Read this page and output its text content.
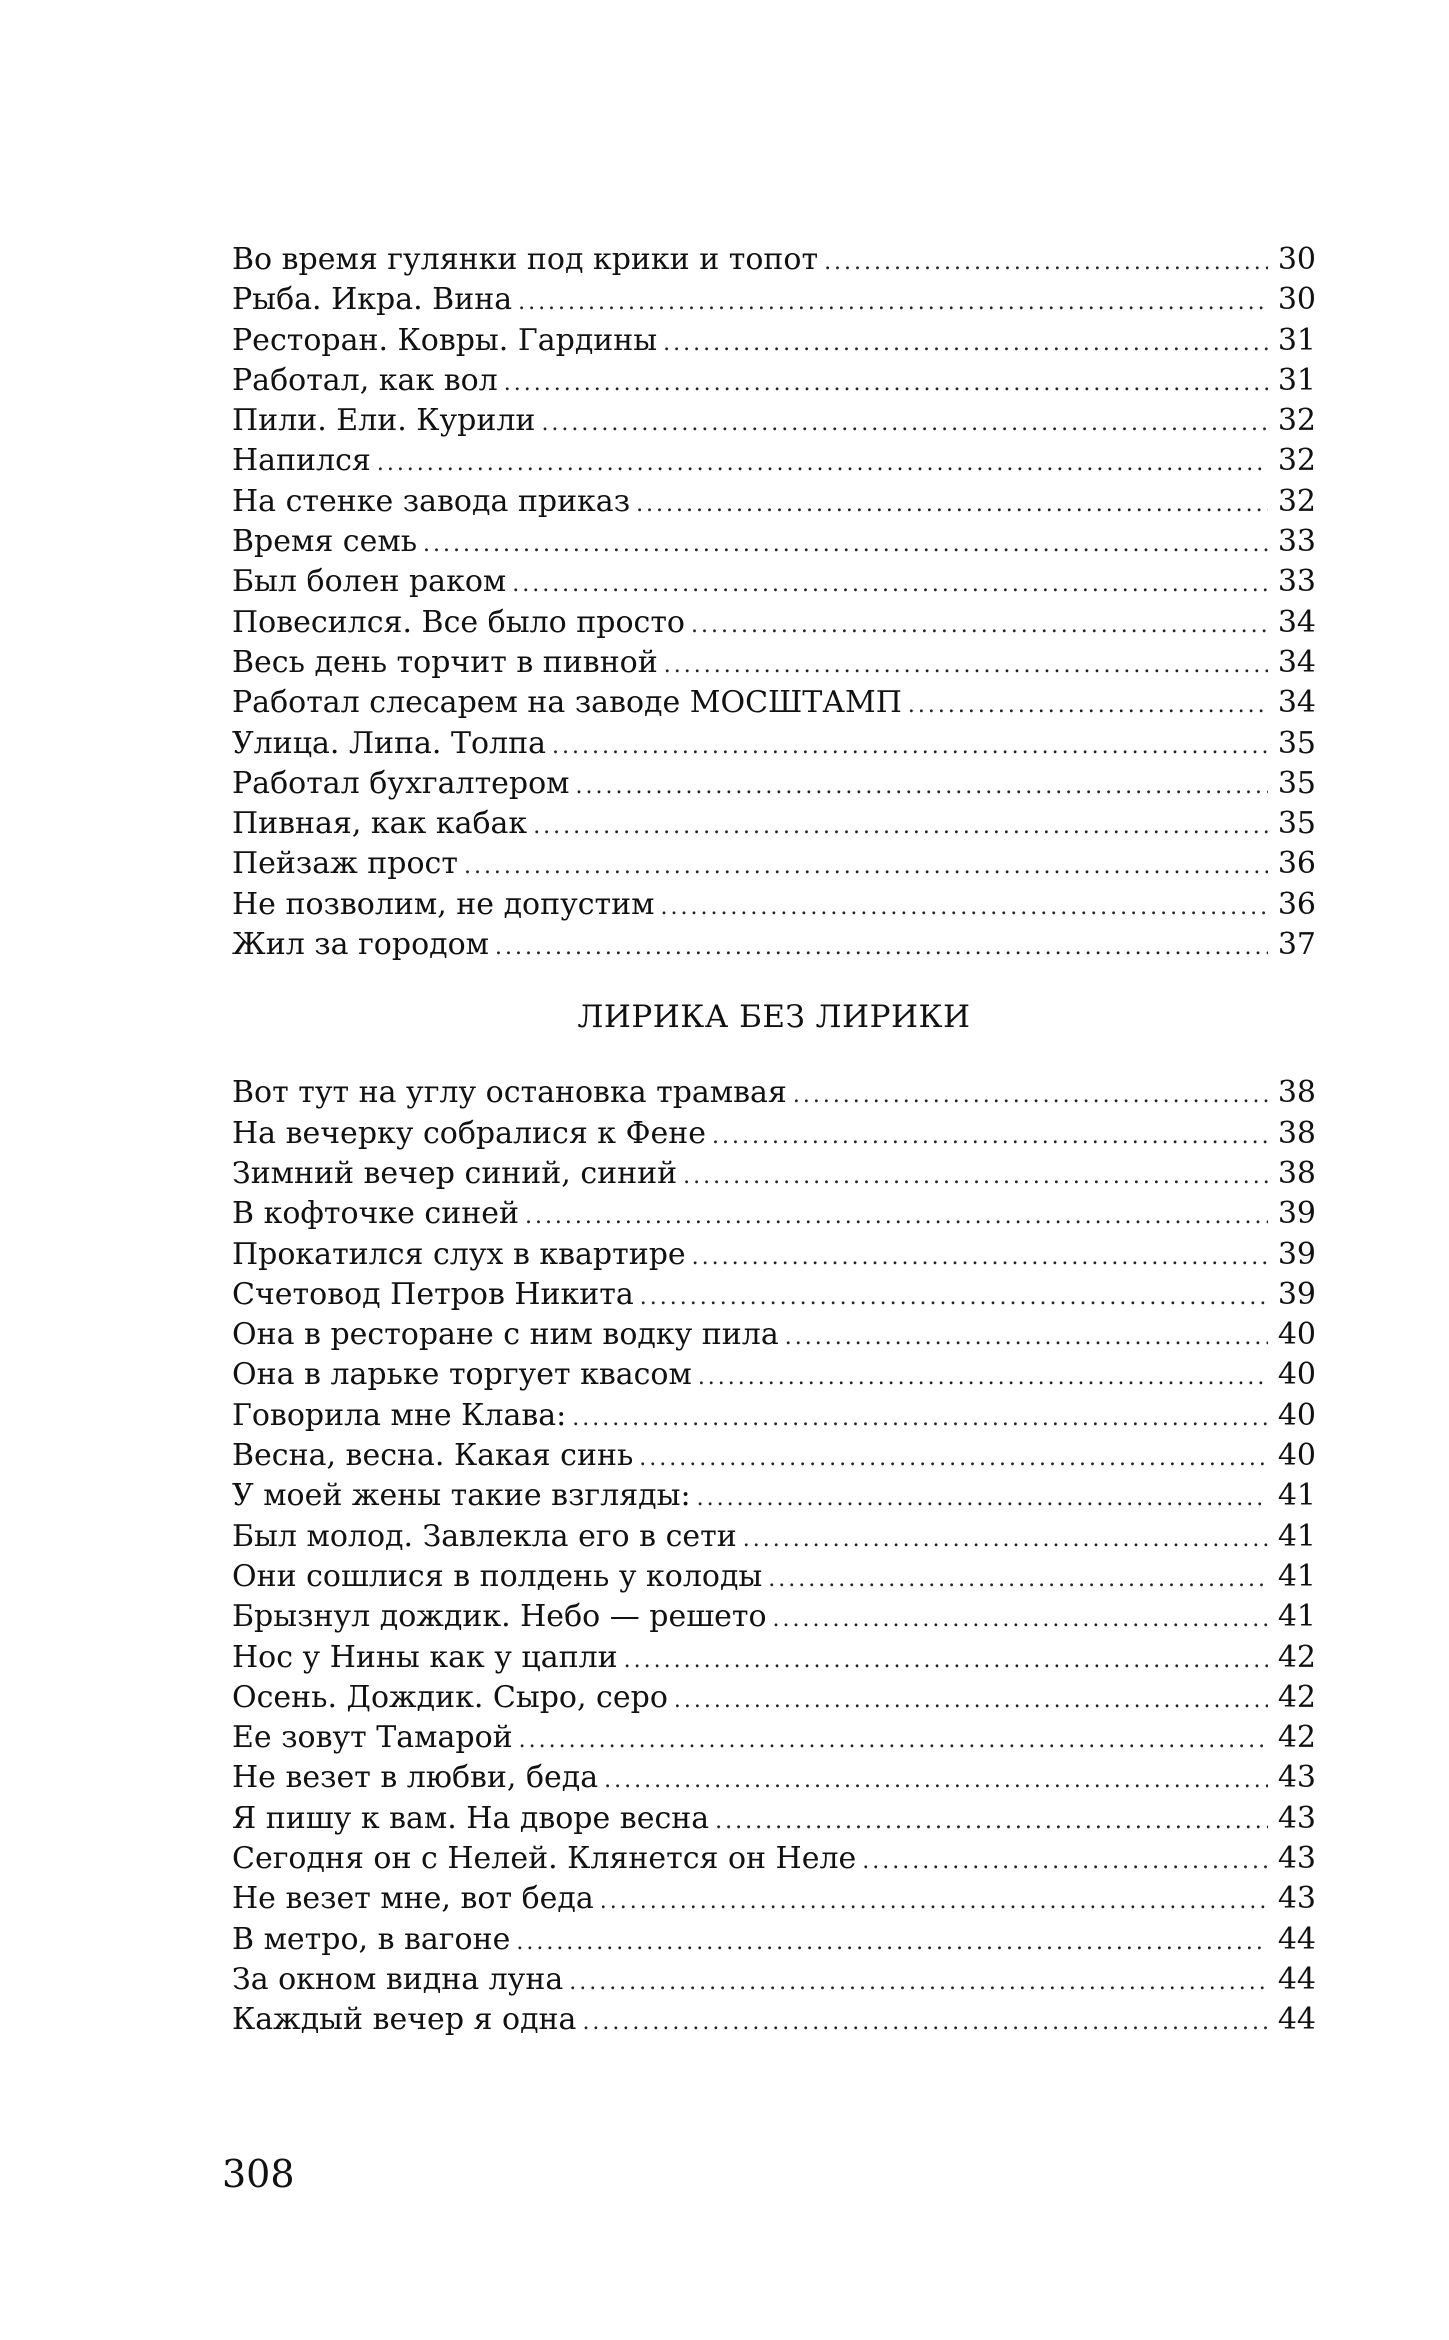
Во время гулянки под крики и топот .....	30
Рыба. Икра. Вина .....	30
Ресторан. Ковры. Гардины .....	31
Работал, как вол .....	31
Пили. Ели. Курили .....	32
Напился .....	32
На стенке завода приказ .....	32
Время семь .....	33
Был болен раком .....	33
Повесился. Все было просто .....	34
Весь день торчит в пивной .....	34
Работал слесарем на заводе МОСШТАМП .....	34
Улица. Липа. Толпа .....	35
Работал бухгалтером .....	35
Пивная, как кабак .....	35
Пейзаж прост .....	36
Не позволим, не допустим .....	36
Жил за городом .....	37
ЛИРИКА БЕЗ ЛИРИКИ
Вот тут на углу остановка трамвая .....	38
На вечерку собралися к Фене .....	38
Зимний вечер синий, синий .....	38
В кофточке синей .....	39
Прокатился слух в квартире .....	39
Счетовод Петров Никита .....	39
Она в ресторане с ним водку пила .....	40
Она в ларьке торгует квасом .....	40
Говорила мне Клава: .....	40
Весна, весна. Какая синь .....	40
У моей жены такие взгляды: .....	41
Был молод. Завлекла его в сети .....	41
Они сошлися в полдень у колоды .....	41
Брызнул дождик. Небо — решето .....	41
Нос у Нины как у цапли .....	42
Осень. Дождик. Сыро, серо .....	42
Ее зовут Тамарой .....	42
Не везет в любви, беда .....	43
Я пишу к вам. На дворе весна .....	43
Сегодня он с Нелей. Клянется он Неле .....	43
Не везет мне, вот беда .....	43
В метро, в вагоне .....	44
За окном видна луна .....	44
Каждый вечер я одна .....	44
308
